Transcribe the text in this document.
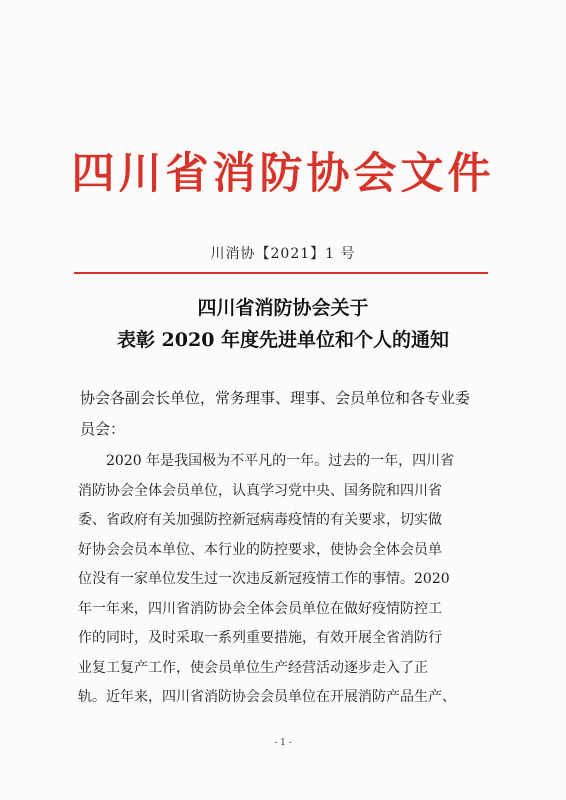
四川省消防协会文件
川消协【2021】1 号
四川省消防协会关于
表彰 2020 年度先进单位和个人的通知
协会各副会长单位，常务理事、理事、会员单位和各专业委
员会：
　　2020 年是我国极为不平凡的一年。过去的一年，四川省
消防协会全体会员单位，认真学习党中央、国务院和四川省
委、省政府有关加强防控新冠病毒疫情的有关要求，切实做
好协会会员本单位、本行业的防控要求，使协会全体会员单
位没有一家单位发生过一次违反新冠疫情工作的事情。2020
年一年来，四川省消防协会全体会员单位在做好疫情防控工
作的同时，及时采取一系列重要措施，有效开展全省消防行
业复工复产工作，使会员单位生产经营活动逐步走入了正
轨。近年来，四川省消防协会会员单位在开展消防产品生产、
- 1 -
